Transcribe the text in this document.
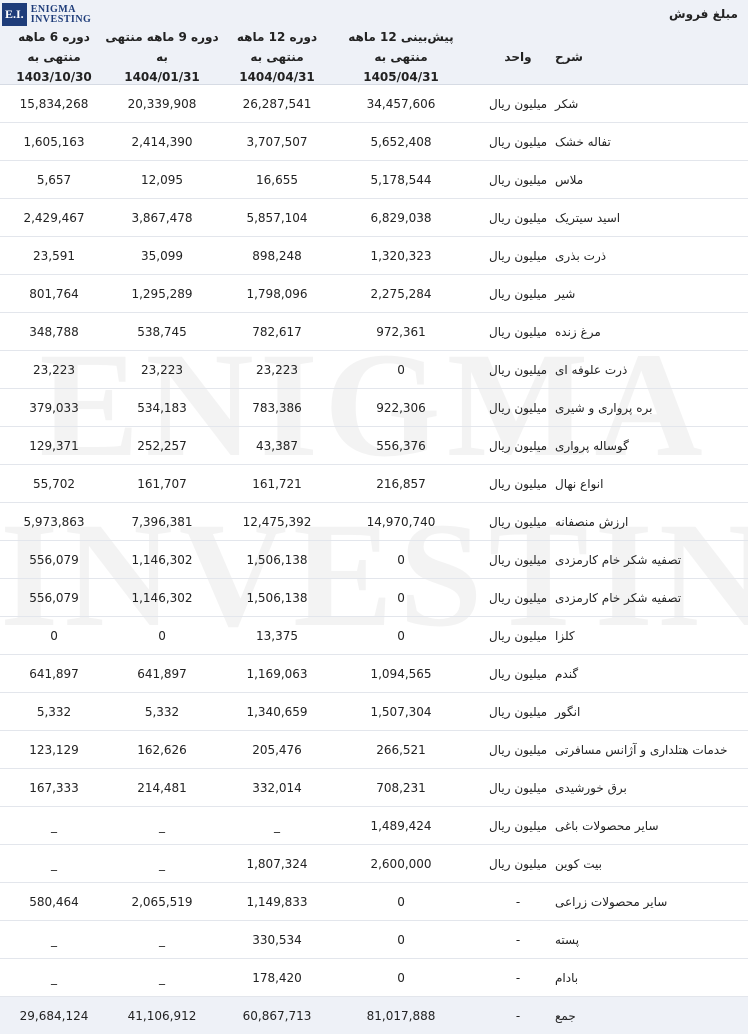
E.I. ENIGMA
INVESTING	مبلغ فروش
شرح
واحد
پیش‌بینی 12 ماهه منتهی به
1405/04/31
دوره 12 ماهه منتهی به
1404/04/31
دوره 9 ماهه منتهی به
1404/01/31
دوره 6 ماهه منتهی به
1403/10/30
شکر
میلیون ریال
34,457,606
26,287,541
20,339,908
15,834,268
تفاله خشک
میلیون ریال
5,652,408
3,707,507
2,414,390
1,605,163
ملاس
میلیون ریال
5,178,544
16,655
12,095
5,657
اسید سیتریک
میلیون ریال
6,829,038
5,857,104
3,867,478
2,429,467
ذرت بذری
میلیون ریال
1,320,323
898,248
35,099
23,591
شیر
میلیون ریال
2,275,284
1,798,096
1,295,289
801,764
مرغ زنده
میلیون ریال
972,361
782,617
538,745
348,788
ذرت علوفه ای
میلیون ریال
0
23,223
23,223
23,223
بره پرواری و شیری
میلیون ریال
922,306
783,386
534,183
379,033
گوساله پرواری
میلیون ریال
556,376
43,387
252,257
129,371
انواع نهال
میلیون ریال
216,857
161,721
161,707
55,702
ارزش منصفانه
میلیون ریال
14,970,740
12,475,392
7,396,381
5,973,863
تصفیه شکر خام کارمزدی
میلیون ریال
0
1,506,138
1,146,302
556,079
تصفیه شکر خام کارمزدی
میلیون ریال
0
1,506,138
1,146,302
556,079
کلزا
میلیون ریال
0
13,375
0
0
گندم
میلیون ریال
1,094,565
1,169,063
641,897
641,897
انگور
میلیون ریال
1,507,304
1,340,659
5,332
5,332
خدمات هتلداری و آژانس مسافرتی
میلیون ریال
266,521
205,476
162,626
123,129
برق خورشیدی
میلیون ریال
708,231
332,014
214,481
167,333
سایر محصولات باغی
میلیون ریال
1,489,424
_
_
_
بیت کوین
میلیون ریال
2,600,000
1,807,324
_
_
سایر محصولات زراعی
-
0
1,149,833
2,065,519
580,464
پسته
-
0
330,534
_
_
بادام
-
0
178,420
_
_
جمع
-
81,017,888
60,867,713
41,106,912
29,684,124
